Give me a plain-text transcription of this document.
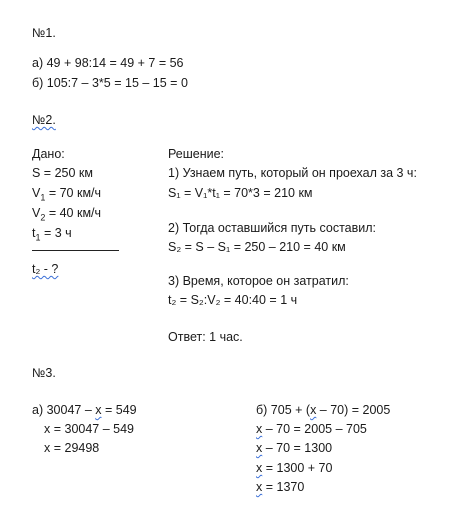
№1.
а) 49 + 98:14 = 49 + 7 = 56
б) 105:7 – 3*5 = 15 – 15 = 0
№2.
Дано:
S = 250 км
$V_1 = 70$ км/ч
$V_2 = 40$ км/ч
$t_1 = 3$ ч
t₂ - ?
Решение:
1) Узнаем путь, который он проехал за 3 ч:
S₁ = V₁*t₁ = 70*3 = 210 км
2) Тогда оставшийся путь составил:
S₂ = S – S₁ = 250 – 210 = 40 км
3) Время, которое он затратил:
t₂ = S₂:V₂ = 40:40 = 1 ч
Ответ: 1 час.
№3.
а) 30047 – х = 549
х = 30047 – 549
х = 29498
б) 705 + (х – 70) = 2005
х – 70 = 2005 – 705
х – 70 = 1300
х = 1300 + 70
х = 1370
